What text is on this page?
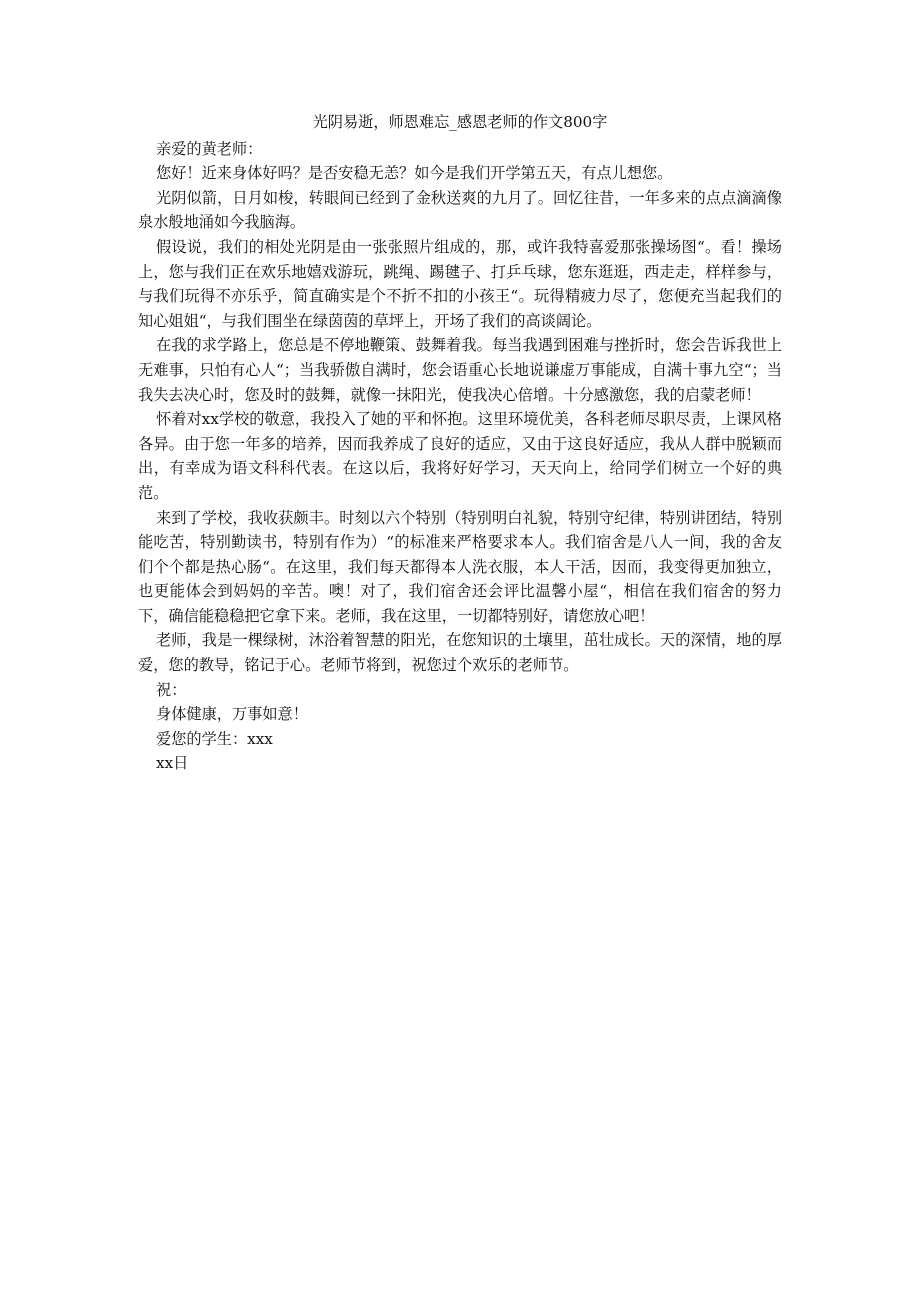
光阴易逝，师恩难忘_感恩老师的作文800字

亲爱的黄老师：

您好！近来身体好吗？是否安稳无恙？如今是我们开学第五天，有点儿想您。

光阴似箭，日月如梭，转眼间已经到了金秋送爽的九月了。回忆往昔，一年多来的点点滴滴像泉水般地涌如今我脑海。

假设说，我们的相处光阴是由一张张照片组成的，那，或许我特喜爱那张操场图“。看！操场上，您与我们正在欢乐地嬉戏游玩，跳绳、踢毽子、打乒乓球，您东逛逛，西走走，样样参与，与我们玩得不亦乐乎，简直确实是个不折不扣的小孩王“。玩得精疲力尽了，您便充当起我们的知心姐姐“，与我们围坐在绿茵茵的草坪上，开场了我们的高谈阔论。

在我的求学路上，您总是不停地鞭策、鼓舞着我。每当我遇到困难与挫折时，您会告诉我世上无难事，只怕有心人“；当我骄傲自满时，您会语重心长地说谦虚万事能成，自满十事九空“；当我失去决心时，您及时的鼓舞，就像一抹阳光，使我决心倍增。十分感激您，我的启蒙老师！

怀着对xx学校的敬意，我投入了她的平和怀抱。这里环境优美，各科老师尽职尽责，上课风格各异。由于您一年多的培养，因而我养成了良好的适应，又由于这良好适应，我从人群中脱颖而出，有幸成为语文科科代表。在这以后，我将好好学习，天天向上，给同学们树立一个好的典范。

来到了学校，我收获颇丰。时刻以六个特别（特别明白礼貌，特别守纪律，特别讲团结，特别能吃苦，特别勤读书，特别有作为）“的标准来严格要求本人。我们宿舍是八人一间，我的舍友们个个都是热心肠“。在这里，我们每天都得本人洗衣服，本人干活，因而，我变得更加独立，也更能体会到妈妈的辛苦。噢！对了，我们宿舍还会评比温馨小屋“，相信在我们宿舍的努力下，确信能稳稳把它拿下来。老师，我在这里，一切都特别好，请您放心吧！

老师，我是一棵绿树，沐浴着智慧的阳光，在您知识的土壤里，茁壮成长。天的深情，地的厚爱，您的教导，铭记于心。老师节将到，祝您过个欢乐的老师节。

祝：

身体健康，万事如意！

爱您的学生：xxx

xx日
